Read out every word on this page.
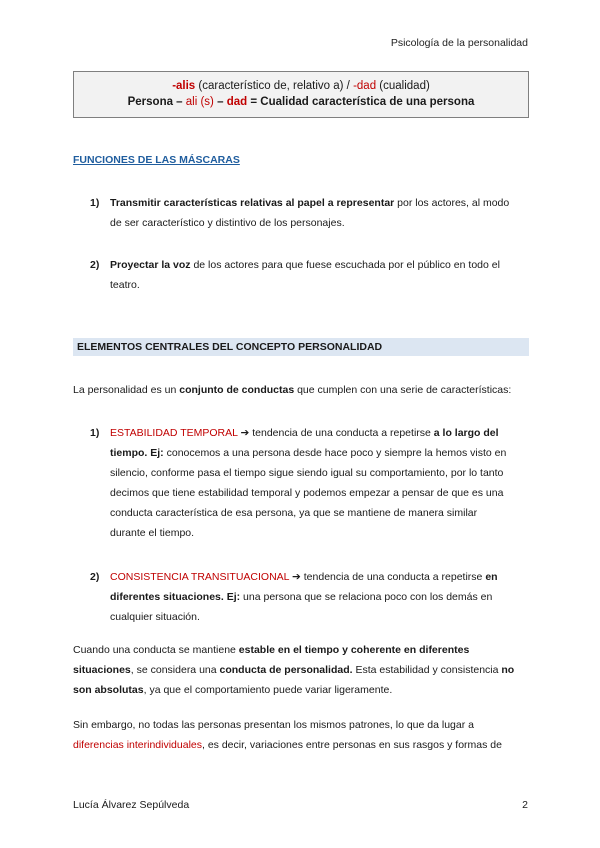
Psicología de la personalidad
-alis (característico de, relativo a) / -dad (cualidad)
Persona – ali (s) – dad = Cualidad característica de una persona
FUNCIONES DE LAS MÁSCARAS
1)	Transmitir características relativas al papel a representar por los actores, al modo
de ser característico y distintivo de los personajes.
2)	Proyectar la voz de los actores para que fuese escuchada por el público en todo el
teatro.
ELEMENTOS CENTRALES DEL CONCEPTO PERSONALIDAD
La personalidad es un conjunto de conductas que cumplen con una serie de características:
1)	ESTABILIDAD TEMPORAL ➔ tendencia de una conducta a repetirse a lo largo del
tiempo. Ej: conocemos a una persona desde hace poco y siempre la hemos visto en
silencio, conforme pasa el tiempo sigue siendo igual su comportamiento, por lo tanto
decimos que tiene estabilidad temporal y podemos empezar a pensar de que es una
conducta característica de esa persona, ya que se mantiene de manera similar
durante el tiempo.
2)	CONSISTENCIA TRANSITUACIONAL ➔ tendencia de una conducta a repetirse en
diferentes situaciones. Ej: una persona que se relaciona poco con los demás en
cualquier situación.
Cuando una conducta se mantiene estable en el tiempo y coherente en diferentes
situaciones, se considera una conducta de personalidad. Esta estabilidad y consistencia no
son absolutas, ya que el comportamiento puede variar ligeramente.
Sin embargo, no todas las personas presentan los mismos patrones, lo que da lugar a
diferencias interindividuales, es decir, variaciones entre personas en sus rasgos y formas de
Lucía Álvarez Sepúlveda	2
